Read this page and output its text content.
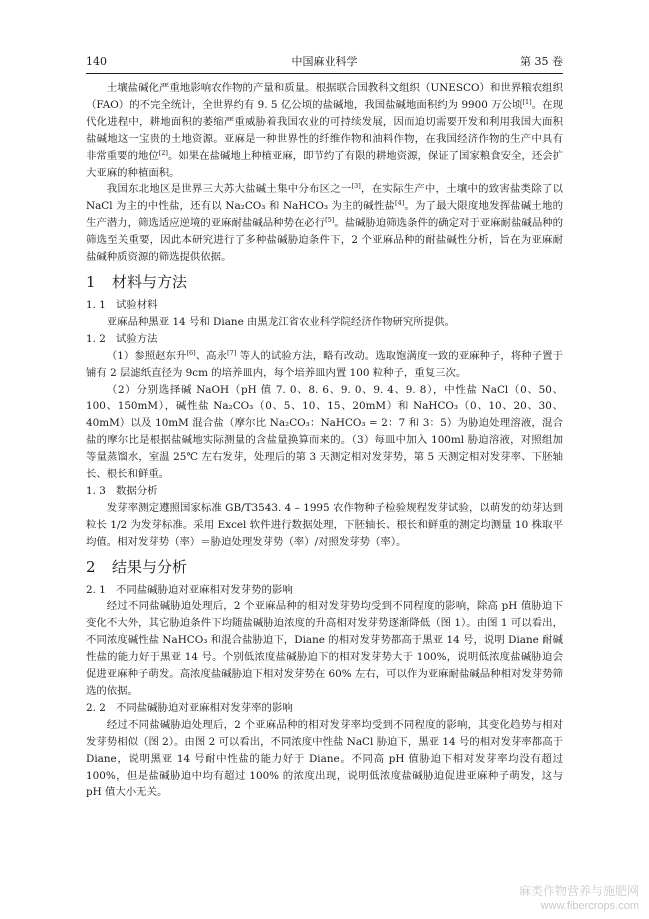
140	中国麻业科学	第 35 卷

土壤盐碱化严重地影响农作物的产量和质量。根据联合国教科文组织（UNESCO）和世界粮农组织（FAO）的不完全统计，全世界约有 9. 5 亿公顷的盐碱地，我国盐碱地面积约为 9900 万公顷[1]。在现代化进程中，耕地面积的萎缩严重威胁着我国农业的可持续发展，因而迫切需要开发和利用我国大面积盐碱地这一宝贵的土地资源。亚麻是一种世界性的纤维作物和油料作物，在我国经济作物的生产中具有非常重要的地位[2]。如果在盐碱地上种植亚麻，即节约了有限的耕地资源，保证了国家粮食安全，还会扩大亚麻的种植面积。

我国东北地区是世界三大苏大盐碱土集中分布区之一[3]，在实际生产中，土壤中的致害盐类除了以 NaCl 为主的中性盐，还有以 Na₂CO₃ 和 NaHCO₃ 为主的碱性盐[4]。为了最大限度地发挥盐碱土地的生产潜力，筛选适应逆境的亚麻耐盐碱品种势在必行[5]。盐碱胁迫筛选条件的确定对于亚麻耐盐碱品种的筛选至关重要，因此本研究进行了多种盐碱胁迫条件下，2 个亚麻品种的耐盐碱性分析，旨在为亚麻耐盐碱种质资源的筛选提供依据。

1 材料与方法
1. 1 试验材料

亚麻品种黑亚 14 号和 Diane 由黑龙江省农业科学院经济作物研究所提供。

1. 2 试验方法

（1）参照赵东升[6]、高永[7] 等人的试验方法，略有改动。选取饱满度一致的亚麻种子，将种子置于铺有 2 层滤纸直径为 9cm 的培养皿内，每个培养皿内置 100 粒种子，重复三次。

（2）分别选择碱 NaOH（pH 值 7. 0、8. 6、9. 0、9. 4、9. 8），中性盐 NaCl（0、50、100、150mM），碱性盐 Na₂CO₃（0、5、10、15、20mM）和 NaHCO₃（0、10、20、30、40mM）以及 10mM 混合盐（摩尔比 Na₂CO₃：NaHCO₃ = 2：7 和 3：5）为胁迫处理溶液，混合盐的摩尔比是根据盐碱地实际测量的含盐量换算而来的。（3）每皿中加入 100ml 胁迫溶液，对照组加等量蒸馏水，室温 25℃ 左右发芽，处理后的第 3 天测定相对发芽势，第 5 天测定相对发芽率、下胚轴长、根长和鲜重。

1. 3 数据分析

发芽率测定遵照国家标准 GB/T3543. 4 – 1995 农作物种子检验规程发芽试验，以萌发的幼芽达到粒长 1/2 为发芽标准。采用 Excel 软件进行数据处理，下胚轴长、根长和鲜重的测定均测量 10 株取平均值。相对发芽势（率）＝胁迫处理发芽势（率）/对照发芽势（率）。

2 结果与分析
2. 1 不同盐碱胁迫对亚麻相对发芽势的影响

经过不同盐碱胁迫处理后，2 个亚麻品种的相对发芽势均受到不同程度的影响，除高 pH 值胁迫下变化不大外，其它胁迫条件下均随盐碱胁迫浓度的升高相对发芽势逐渐降低（图 1）。由图 1 可以看出，不同浓度碱性盐 NaHCO₃ 和混合盐胁迫下，Diane 的相对发芽势都高于黑亚 14 号，说明 Diane 耐碱性盐的能力好于黑亚 14 号。个别低浓度盐碱胁迫下的相对发芽势大于 100%，说明低浓度盐碱胁迫会促进亚麻种子萌发。高浓度盐碱胁迫下相对发芽势在 60% 左右，可以作为亚麻耐盐碱品种相对发芽势筛选的依据。

2. 2 不同盐碱胁迫对亚麻相对发芽率的影响

经过不同盐碱胁迫处理后，2 个亚麻品种的相对发芽率均受到不同程度的影响，其变化趋势与相对发芽势相似（图 2）。由图 2 可以看出，不同浓度中性盐 NaCl 胁迫下，黑亚 14 号的相对发芽率都高于 Diane，说明黑亚 14 号耐中性盐的能力好于 Diane。不同高 pH 值胁迫下相对发芽率均没有超过 100%，但是盐碱胁迫中均有超过 100% 的浓度出现，说明低浓度盐碱胁迫促进亚麻种子萌发，这与 pH 值大小无关。

麻类作物营养与施肥网
www.fibercrops.com
